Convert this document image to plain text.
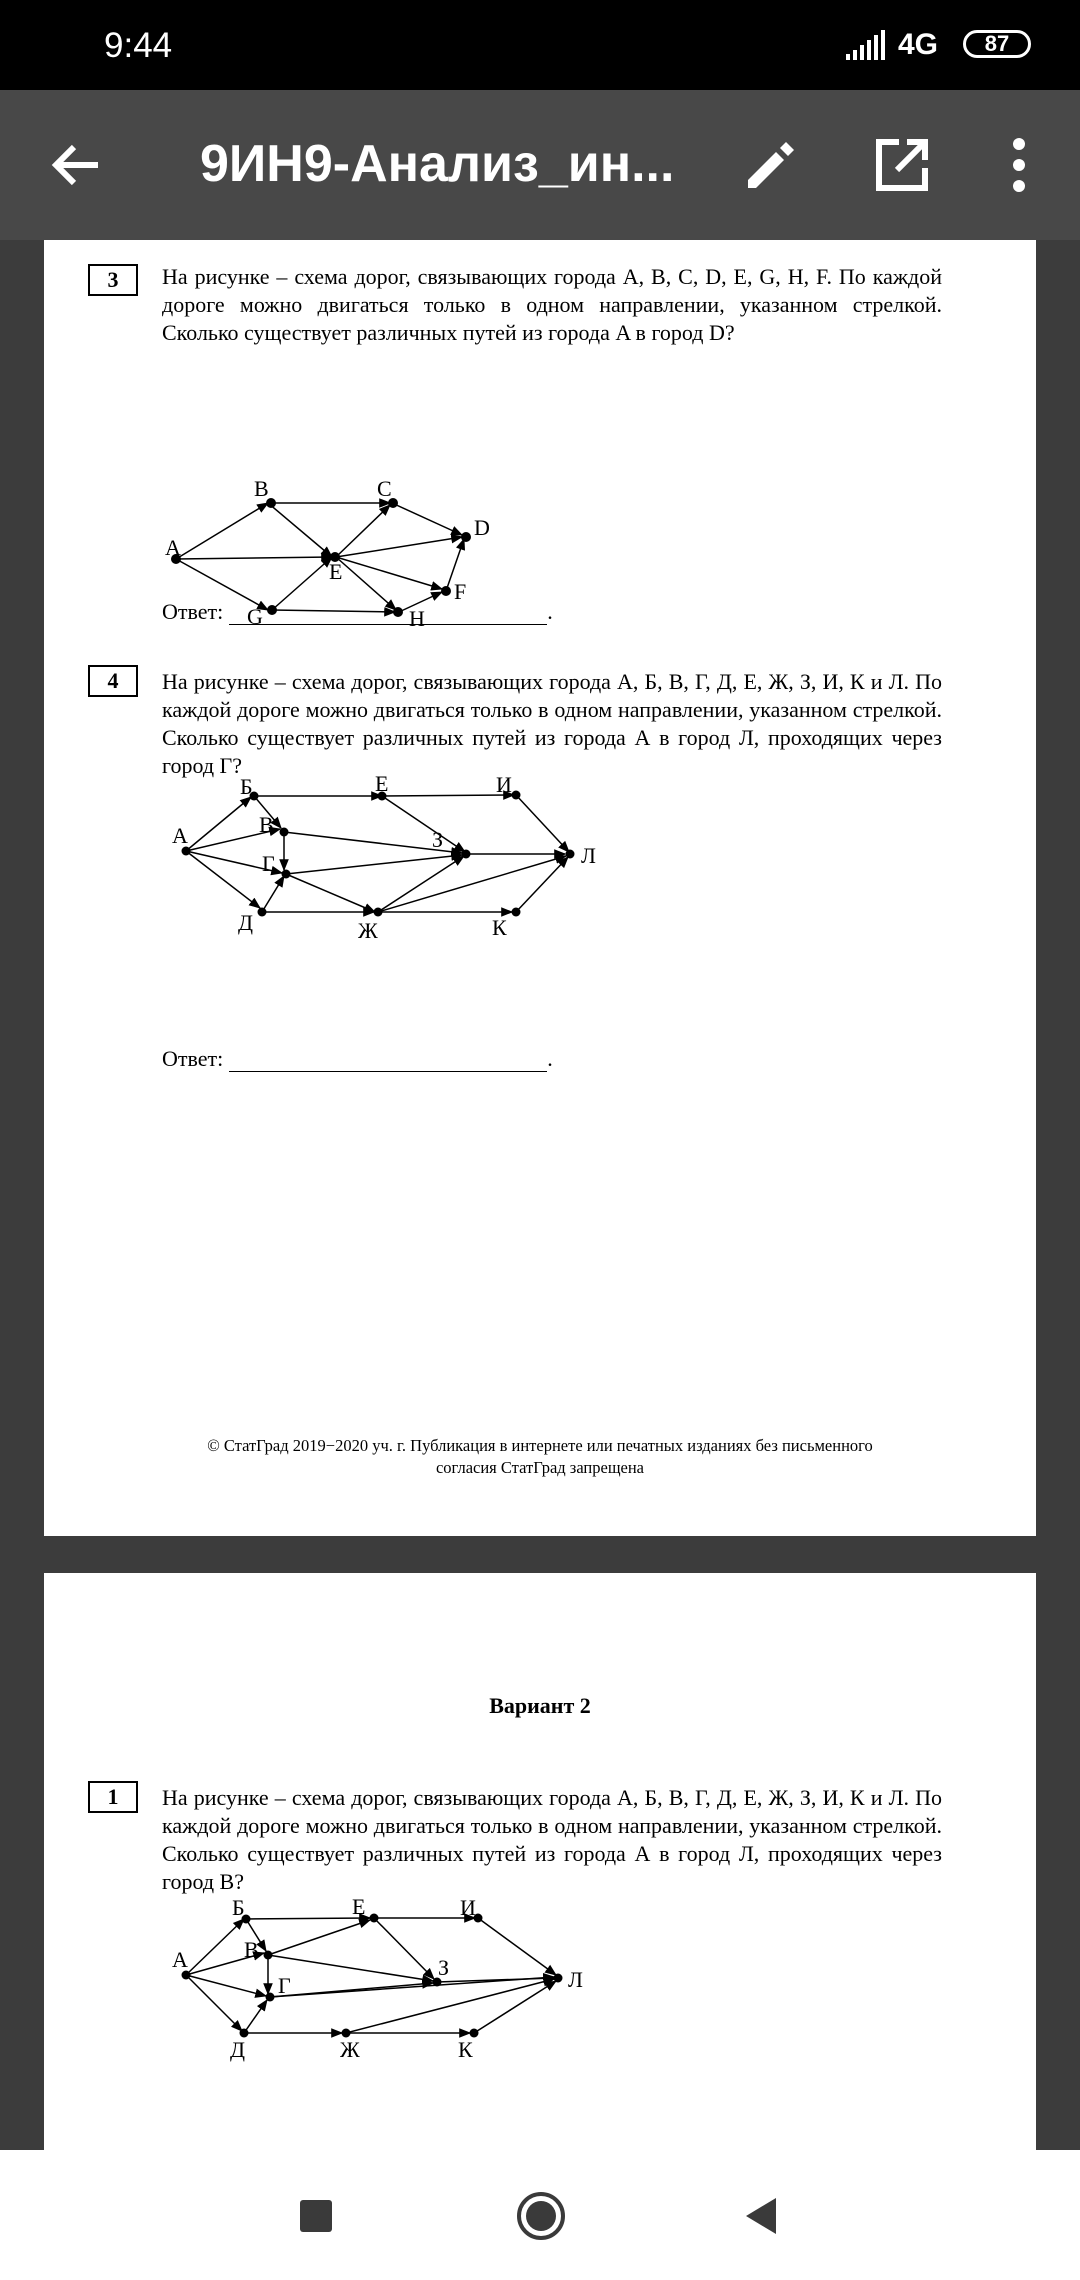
9:44	4G	87
9ИН9-Анализ_ин...
3	На рисунке – схема дорог, связывающих города A, B, C, D, E, G, H, F. По каждой дороге можно двигаться только в одном направлении, указанном стрелкой. Сколько существует различных путей из города A в город D?
A
B	C
D
E
F
G	H
Ответ:	.
4	На рисунке – схема дорог, связывающих города А, Б, В, Г, Д, Е, Ж, З, И, К и Л. По каждой дороге можно двигаться только в одном направлении, указанном стрелкой. Сколько существует различных путей из города А в город Л, проходящих через город Г?
А
Б
В
Г
Д
Е
Ж
З
И
К
Л
Ответ:	.
© СтатГрад 2019−2020 уч. г. Публикация в интернете или печатных изданиях без письменного
согласия СтатГрад запрещена
Вариант 2
1	На рисунке – схема дорог, связывающих города А, Б, В, Г, Д, Е, Ж, З, И, К и Л. По каждой дороге можно двигаться только в одном направлении, указанном стрелкой. Сколько существует различных путей из города А в город Л, проходящих через город В?
А
Б
В
Г
Д
Е
Ж
З
И
К
Л
